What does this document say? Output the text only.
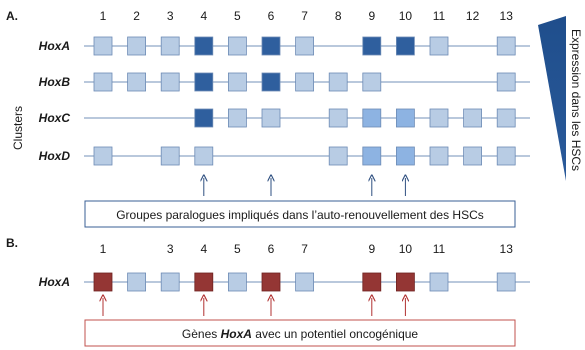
A.
Clusters
1 2 3 4 5 6 7 8 9 10 11 12 13
HoxA
HoxB
HoxC
HoxD	Expression dans les HSCs
Groupes paralogues impliqués dans l’auto-renouvellement des HSCs
B.	1	3 4 5 6 7	9 10 11	13
HoxA
Gènes HoxA avec un potentiel oncogénique
